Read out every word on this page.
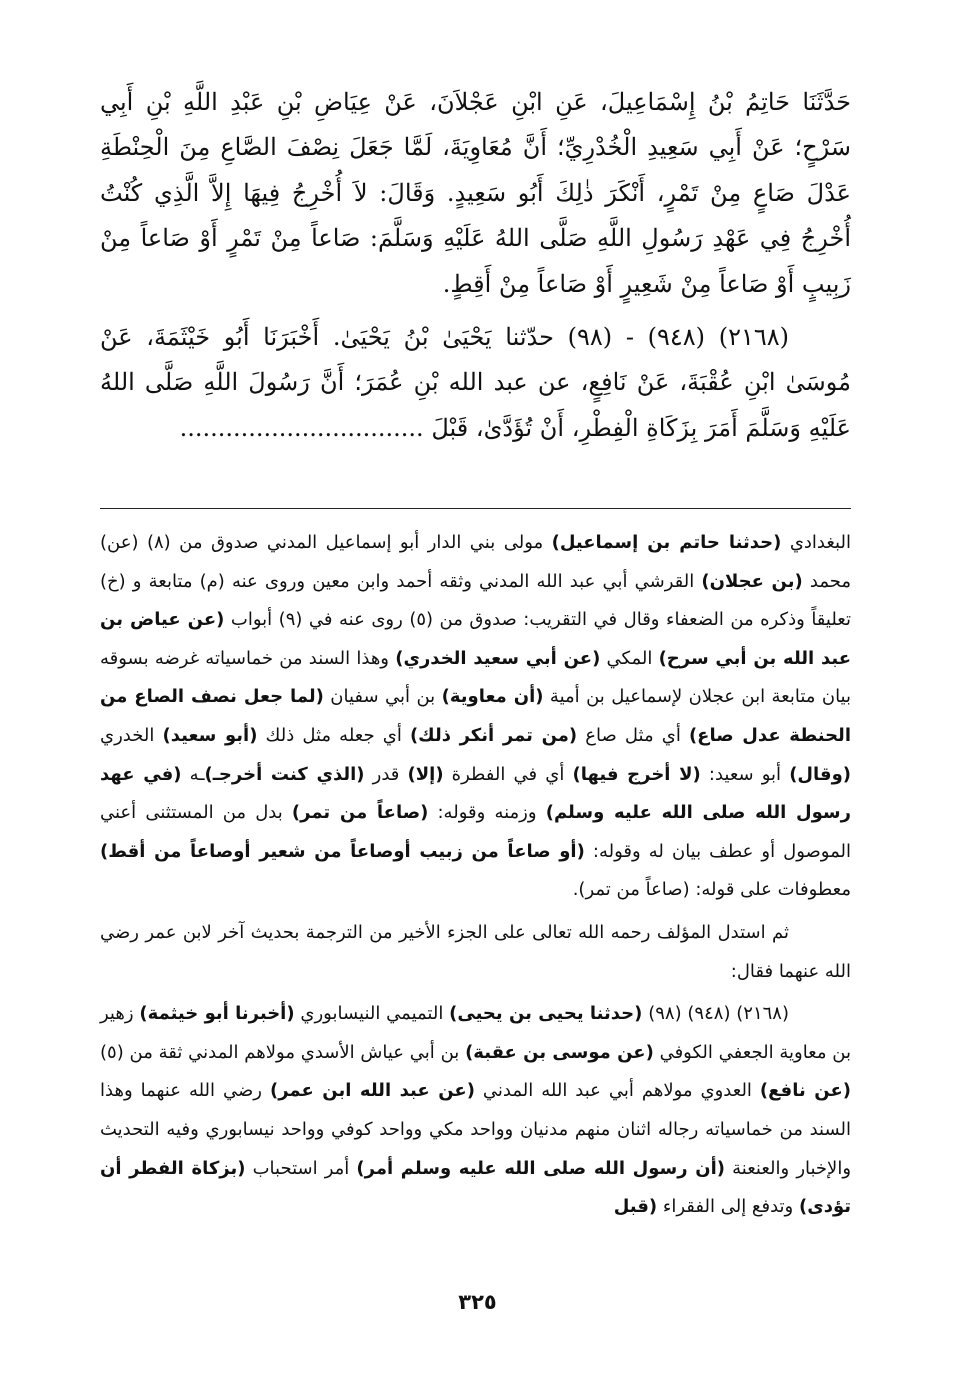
حَدَّثَنَا حَاتِمُ بْنُ إِسْمَاعِيلَ، عَنِ ابْنِ عَجْلاَنَ، عَنْ عِيَاضِ بْنِ عَبْدِ اللَّهِ بْنِ أَبِي سَرْحٍ؛ عَنْ أَبِي سَعِيدِ الْخُدْرِيِّ؛ أَنَّ مُعَاوِيَةَ، لَمَّا جَعَلَ نِصْفَ الصَّاعِ مِنَ الْحِنْطَةِ عَدْلَ صَاعٍ مِنْ تَمْرٍ، أَنْكَرَ ذٰلِكَ أَبُو سَعِيدٍ. وَقَالَ: لاَ أُخْرِجُ فِيهَا إِلاَّ الَّذِي كُنْتُ أُخْرِجُ فِي عَهْدِ رَسُولِ اللَّهِ صَلَّى اللهُ عَلَيْهِ وَسَلَّمَ: صَاعاً مِنْ تَمْرٍ أَوْ صَاعاً مِنْ زَبِيبٍ أَوْ صَاعاً مِنْ شَعِيرٍ أَوْ صَاعاً مِنْ أَقِطٍ.

(٢١٦٨) (٩٤٨) - (٩٨) حدّثنا يَحْيَىٰ بْنُ يَحْيَىٰ. أَخْبَرَنَا أَبُو خَيْثَمَةَ، عَنْ مُوسَىٰ ابْنِ عُقْبَةَ، عَنْ نَافِعٍ، عن عبد الله بْنِ عُمَرَ؛ أَنَّ رَسُولَ اللَّهِ صَلَّى اللهُ عَلَيْهِ وَسَلَّمَ أَمَرَ بِزَكَاةِ الْفِطْرِ، أَنْ تُؤَدَّىٰ، قَبْلَ ................................

البغدادي (حدثنا حاتم بن إسماعيل) مولى بني الدار أبو إسماعيل المدني صدوق من (٨) (عن) محمد (بن عجلان) القرشي أبي عبد الله المدني وثقه أحمد وابن معين وروى عنه (م) متابعة و (خ) تعليقاً وذكره من الضعفاء وقال في التقريب: صدوق من (٥) روى عنه في (٩) أبواب (عن عياض بن عبد الله بن أبي سرح) المكي (عن أبي سعيد الخدري) وهذا السند من خماسياته غرضه بسوقه بيان متابعة ابن عجلان لإسماعيل بن أمية (أن معاوية) بن أبي سفيان (لما جعل نصف الصاع من الحنطة عدل صاع) أي مثل صاع (من تمر أنكر ذلك) أي جعله مثل ذلك (أبو سعيد) الخدري (وقال) أبو سعيد: (لا أخرج فيها) أي في الفطرة (إلا) قدر (الذي كنت أخرجـ)ـه (في عهد رسول الله صلى الله عليه وسلم) وزمنه وقوله: (صاعاً من تمر) بدل من المستثنى أعني الموصول أو عطف بيان له وقوله: (أو صاعاً من زبيب أوصاعاً من شعير أوصاعاً من أقط) معطوفات على قوله: (صاعاً من تمر).

ثم استدل المؤلف رحمه الله تعالى على الجزء الأخير من الترجمة بحديث آخر لابن عمر رضي الله عنهما فقال:

(٢١٦٨) (٩٤٨) (٩٨) (حدثنا يحيى بن يحيى) التميمي النيسابوري (أخبرنا أبو خيثمة) زهير بن معاوية الجعفي الكوفي (عن موسى بن عقبة) بن أبي عياش الأسدي مولاهم المدني ثقة من (٥) (عن نافع) العدوي مولاهم أبي عبد الله المدني (عن عبد الله ابن عمر) رضي الله عنهما وهذا السند من خماسياته رجاله اثنان منهم مدنيان وواحد مكي وواحد كوفي وواحد نيسابوري وفيه التحديث والإخبار والعنعنة (أن رسول الله صلى الله عليه وسلم أمر) أمر استحباب (بزكاة الفطر أن تؤدى) وتدفع إلى الفقراء (قبل

٣٢٥
